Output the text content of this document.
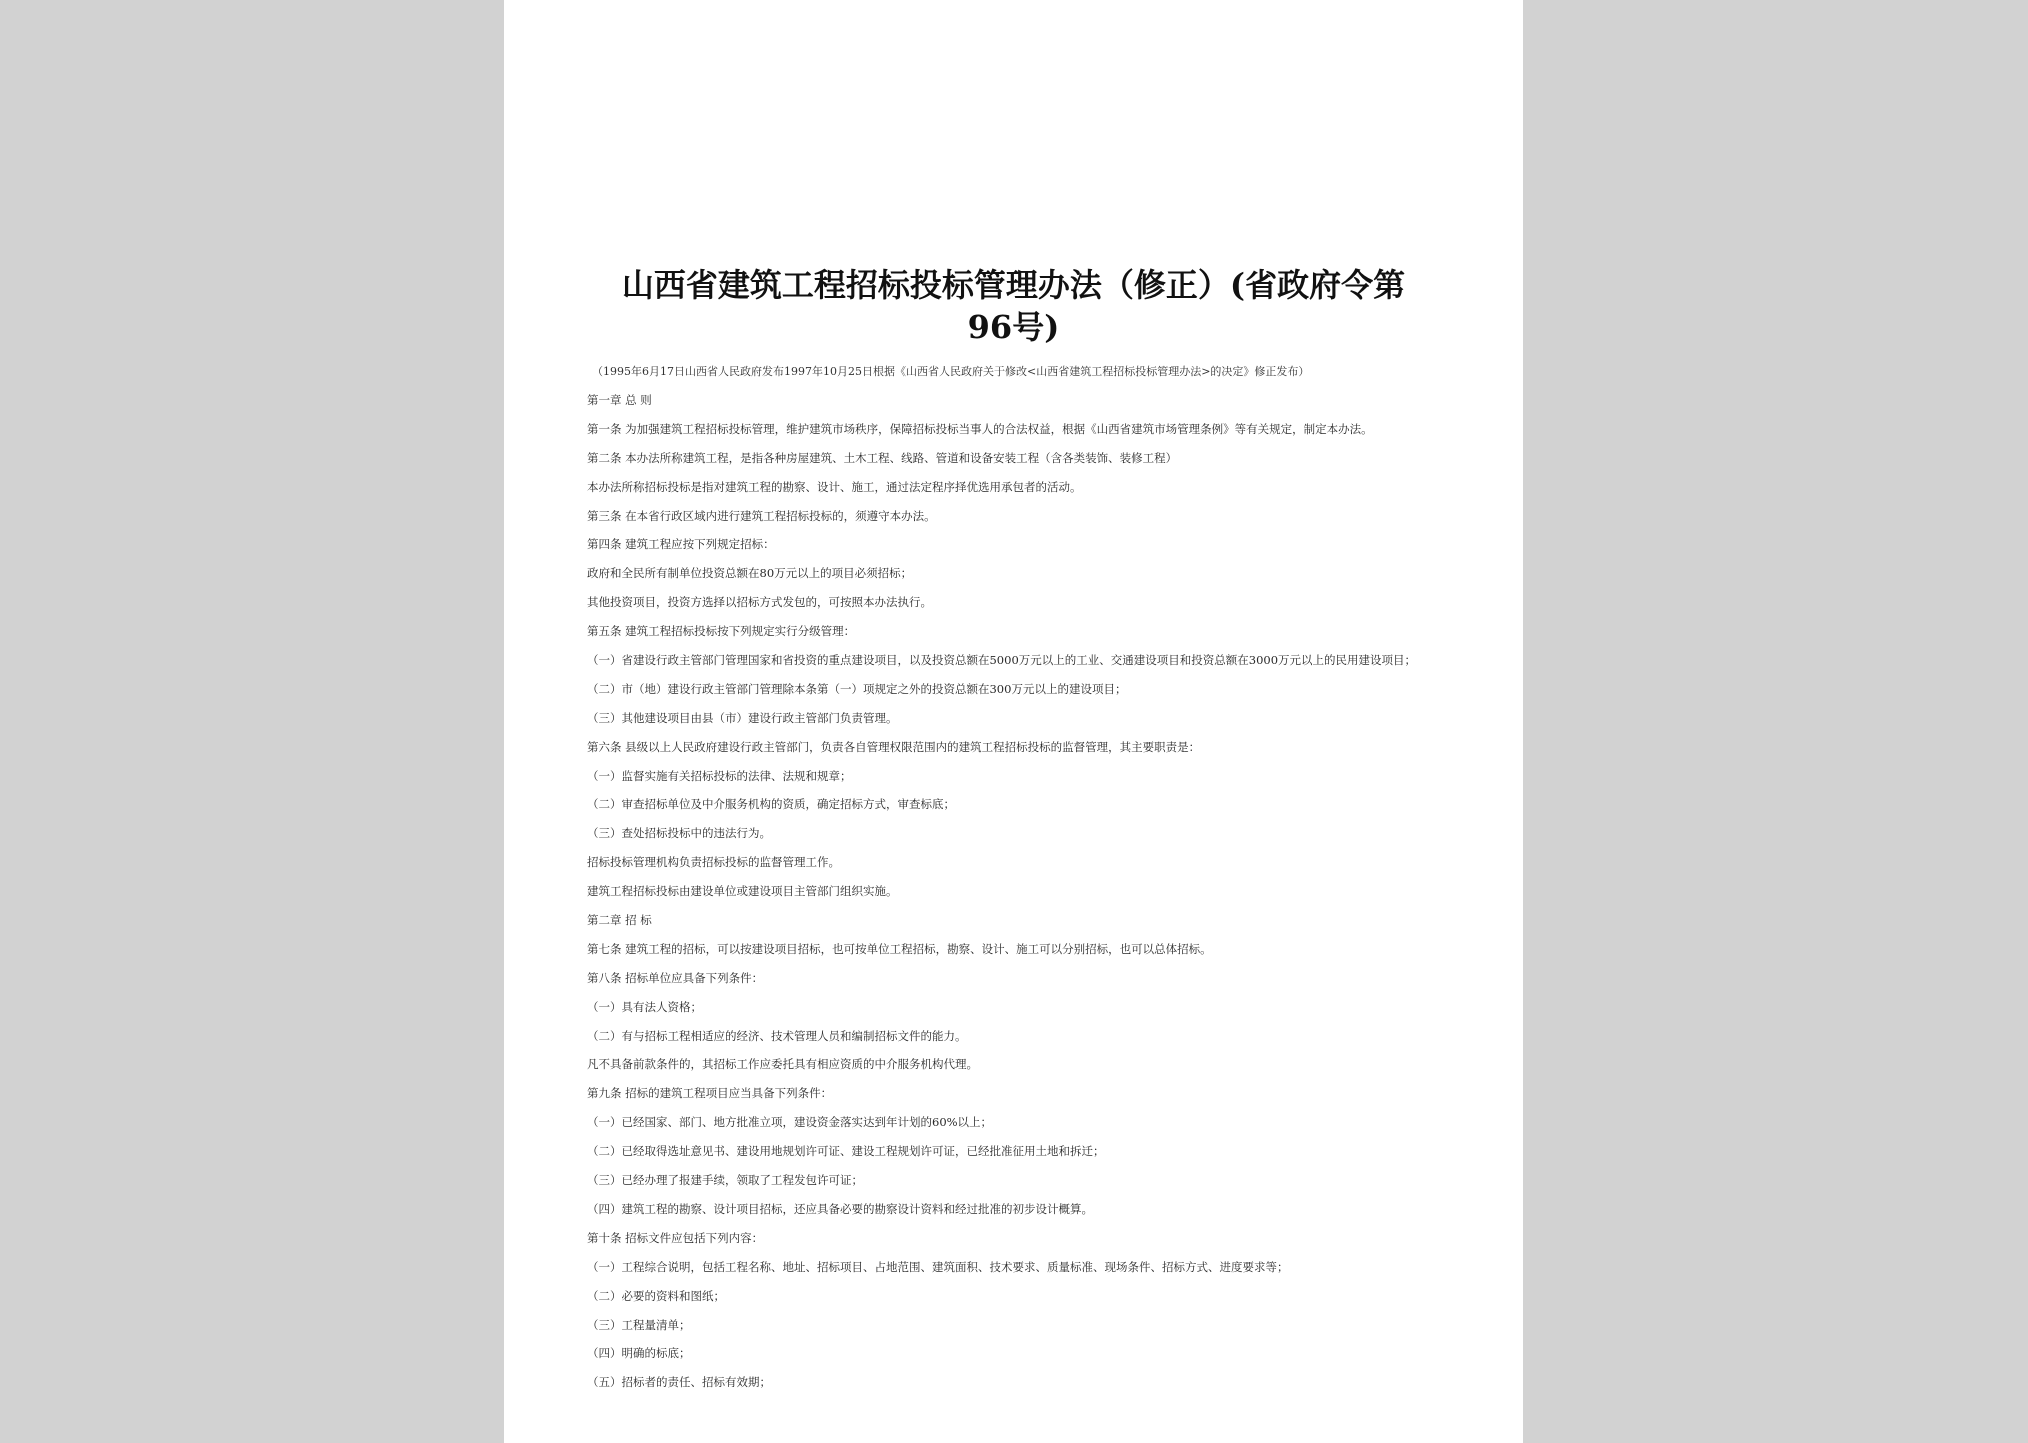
山西省建筑工程招标投标管理办法（修正）(省政府令第
96号)
（1995年6月17日山西省人民政府发布1997年10月25日根据《山西省人民政府关于修改<山西省建筑工程招标投标管理办法>的决定》修正发布）
第一章 总 则
第一条 为加强建筑工程招标投标管理，维护建筑市场秩序，保障招标投标当事人的合法权益，根据《山西省建筑市场管理条例》等有关规定，制定本办法。
第二条 本办法所称建筑工程，是指各种房屋建筑、土木工程、线路、管道和设备安装工程（含各类装饰、装修工程）
本办法所称招标投标是指对建筑工程的勘察、设计、施工，通过法定程序择优选用承包者的活动。
第三条 在本省行政区域内进行建筑工程招标投标的，须遵守本办法。
第四条 建筑工程应按下列规定招标：
政府和全民所有制单位投资总额在80万元以上的项目必须招标；
其他投资项目，投资方选择以招标方式发包的，可按照本办法执行。
第五条 建筑工程招标投标按下列规定实行分级管理：
（一）省建设行政主管部门管理国家和省投资的重点建设项目，以及投资总额在5000万元以上的工业、交通建设项目和投资总额在3000万元以上的民用建设项目；
（二）市（地）建设行政主管部门管理除本条第（一）项规定之外的投资总额在300万元以上的建设项目；
（三）其他建设项目由县（市）建设行政主管部门负责管理。
第六条 县级以上人民政府建设行政主管部门，负责各自管理权限范围内的建筑工程招标投标的监督管理，其主要职责是：
（一）监督实施有关招标投标的法律、法规和规章；
（二）审查招标单位及中介服务机构的资质，确定招标方式，审查标底；
（三）查处招标投标中的违法行为。
招标投标管理机构负责招标投标的监督管理工作。
建筑工程招标投标由建设单位或建设项目主管部门组织实施。
第二章 招 标
第七条 建筑工程的招标，可以按建设项目招标，也可按单位工程招标，勘察、设计、施工可以分别招标，也可以总体招标。
第八条 招标单位应具备下列条件：
（一）具有法人资格；
（二）有与招标工程相适应的经济、技术管理人员和编制招标文件的能力。
凡不具备前款条件的，其招标工作应委托具有相应资质的中介服务机构代理。
第九条 招标的建筑工程项目应当具备下列条件：
（一）已经国家、部门、地方批准立项，建设资金落实达到年计划的60%以上；
（二）已经取得选址意见书、建设用地规划许可证、建设工程规划许可证，已经批准征用土地和拆迁；
（三）已经办理了报建手续，领取了工程发包许可证；
（四）建筑工程的勘察、设计项目招标，还应具备必要的勘察设计资料和经过批准的初步设计概算。
第十条 招标文件应包括下列内容：
（一）工程综合说明，包括工程名称、地址、招标项目、占地范围、建筑面积、技术要求、质量标准、现场条件、招标方式、进度要求等；
（二）必要的资料和图纸；
（三）工程量清单；
（四）明确的标底；
（五）招标者的责任、招标有效期；
